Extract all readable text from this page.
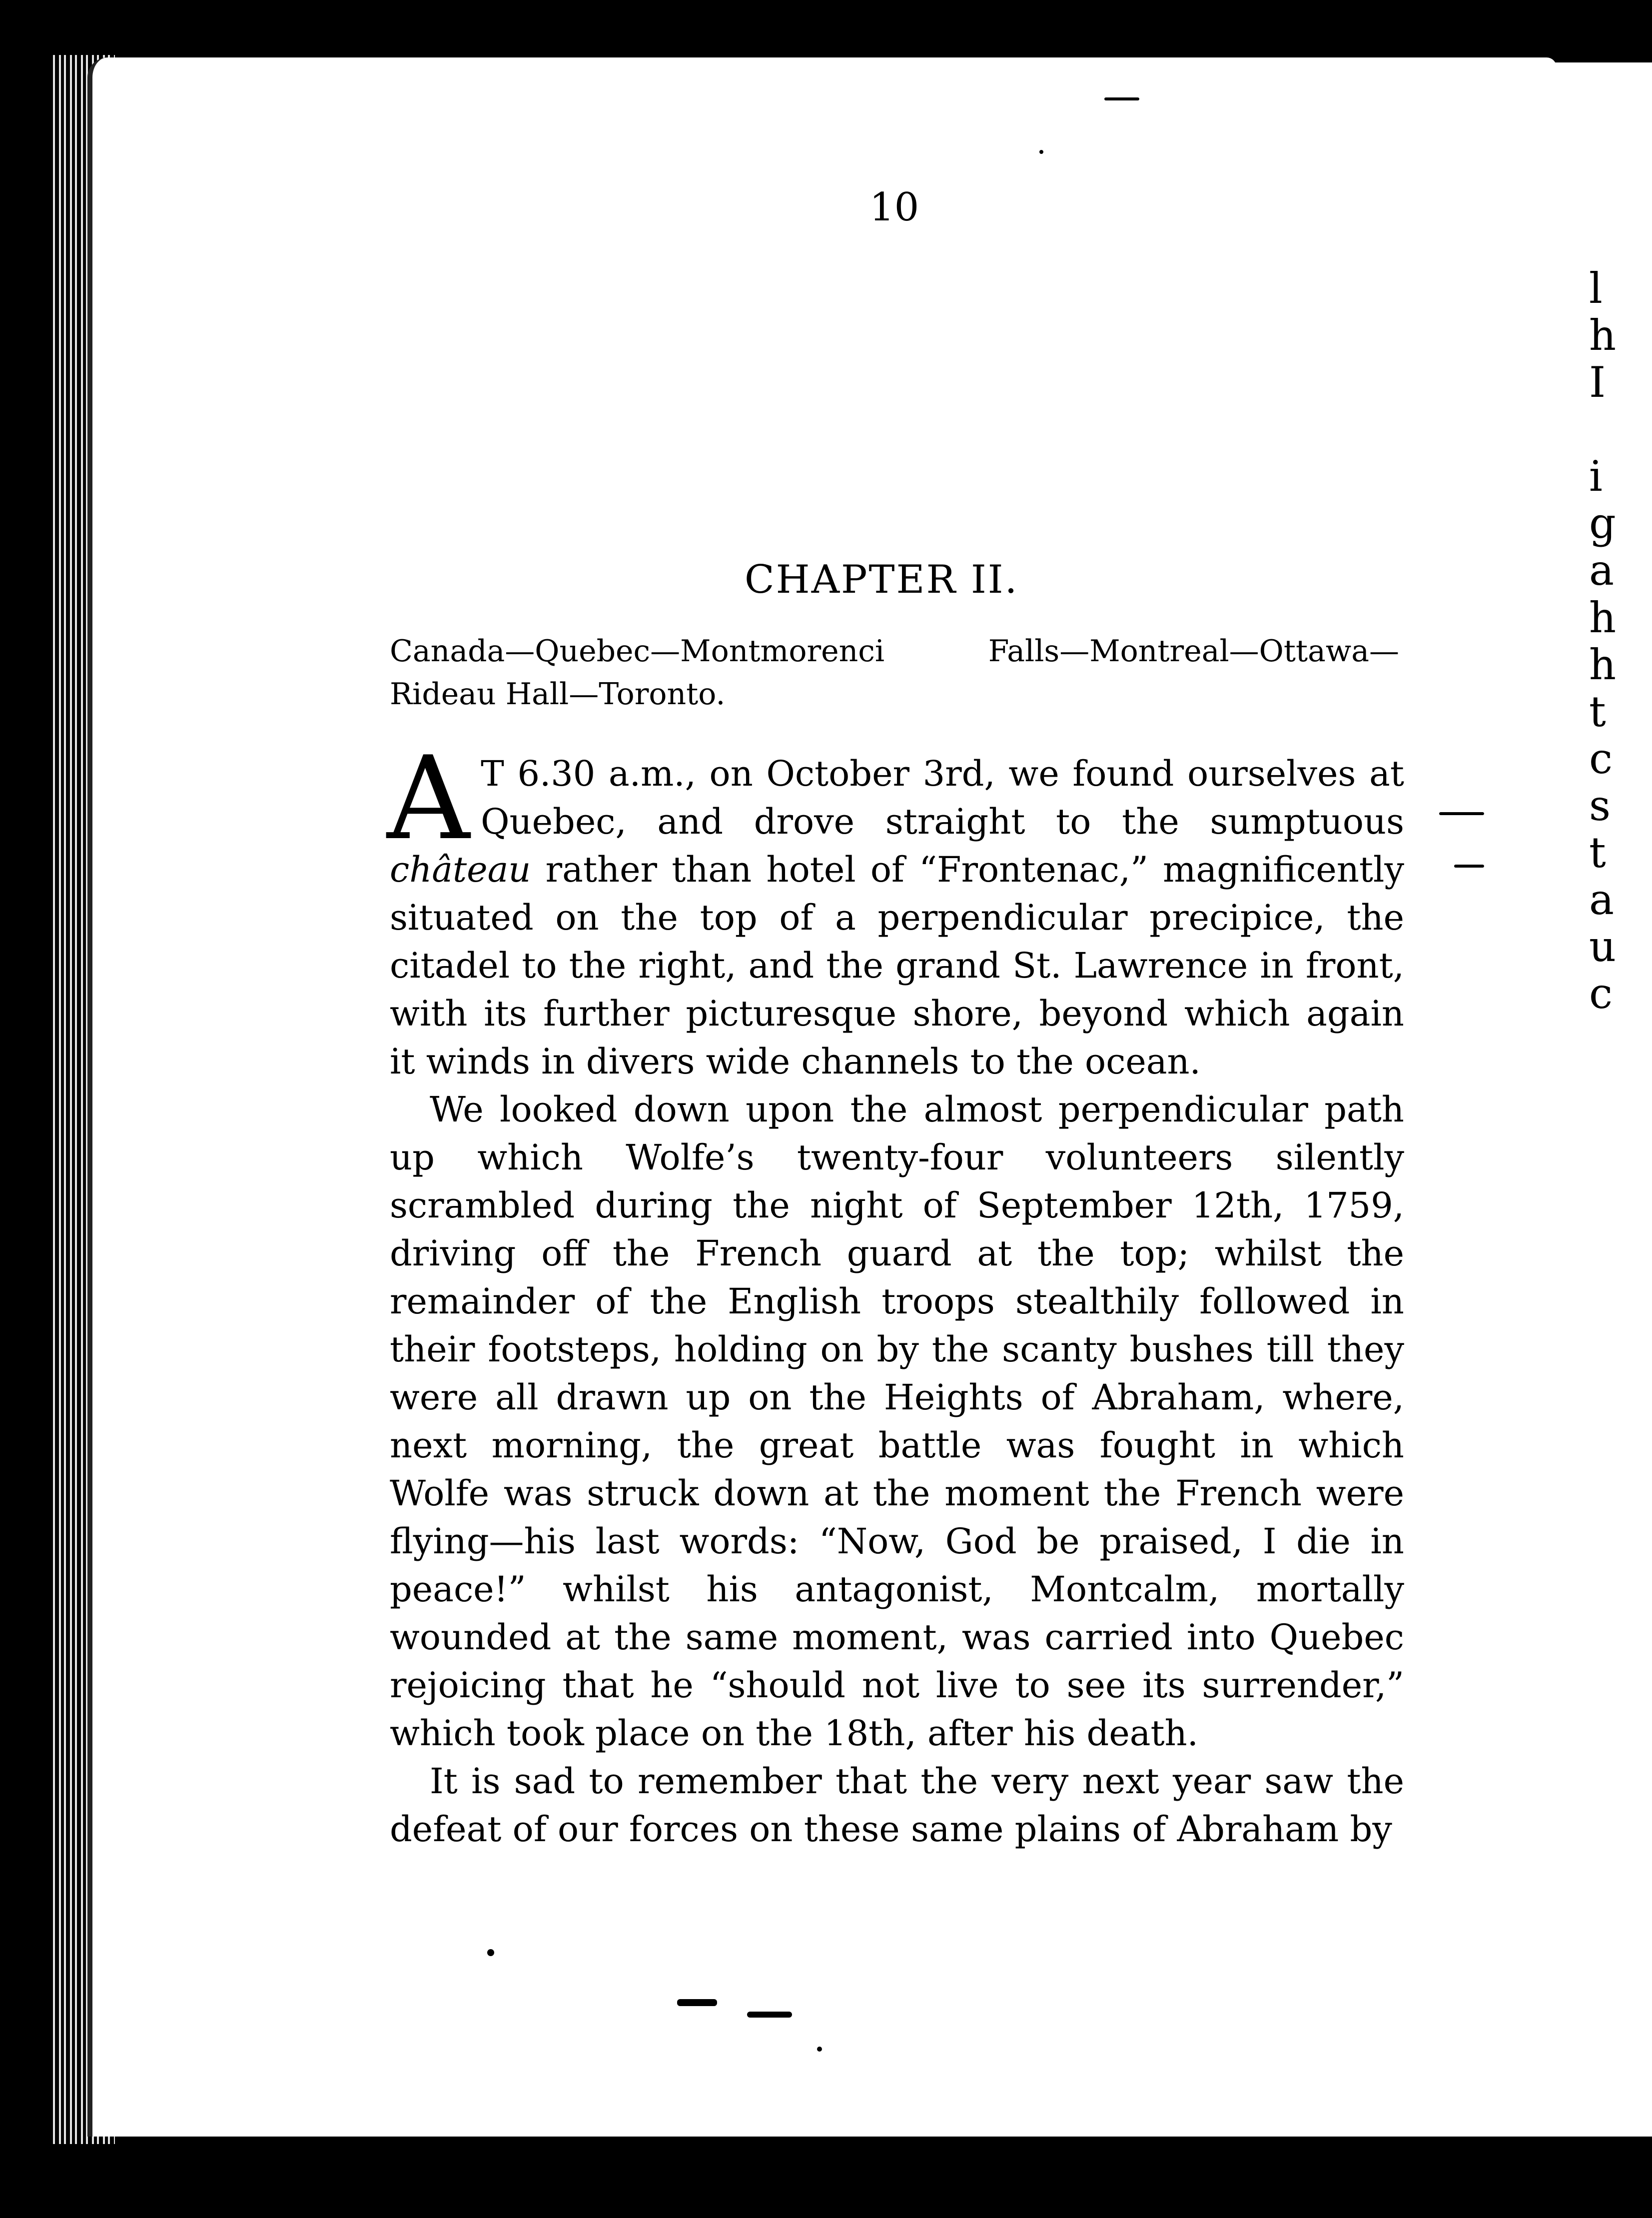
l
h
I

i
g
a
h
h
t
c
s
t
a
u
c
10
CHAPTER II.
Canada—Quebec—Montmorenci Falls—Montreal—Ottawa—
Rideau Hall—Toronto.

A T 6.30 a.m., on October 3rd, we found ourselves at Quebec, and drove straight to the sumptuous château rather than hotel of “Frontenac,” magnificently situated on the top of a perpendicular precipice, the citadel to the right, and the grand St. Lawrence in front, with its further picturesque shore, beyond which again it winds in divers wide channels to the ocean.

We looked down upon the almost perpendicular path up which Wolfe’s twenty-four volunteers silently scrambled during the night of September 12th, 1759, driving off the French guard at the top; whilst the remainder of the English troops stealthily followed in their footsteps, holding on by the scanty bushes till they were all drawn up on the Heights of Abraham, where, next morning, the great battle was fought in which Wolfe was struck down at the moment the French were flying—his last words: “Now, God be praised, I die in peace!” whilst his antagonist, Montcalm, mortally wounded at the same moment, was carried into Quebec rejoicing that he “should not live to see its surrender,” which took place on the 18th, after his death.

It is sad to remember that the very next year saw the defeat of our forces on these same plains of Abraham by
